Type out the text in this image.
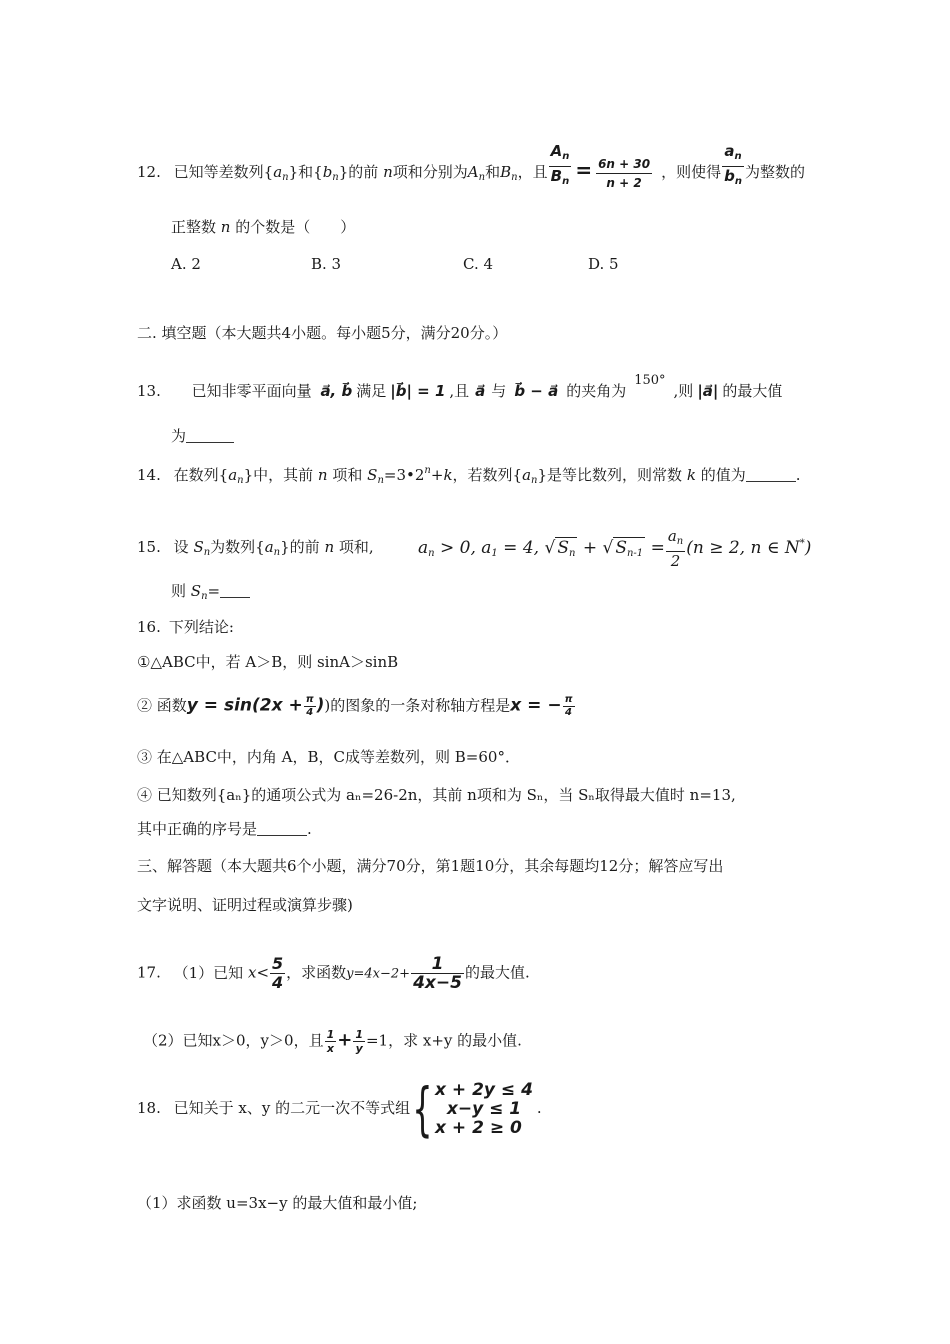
12. 已知等差数列$\{a_n\}$和$\{b_n\}$的前 n项和分别为$A_n$和$B_n$，且 $\frac{A_n}{B_n} = \frac{6n + 30}{n + 2}$ ，则使得 $\frac{a_n}{b_n}$ 为整数的
正整数 n 的个数是（　　）
A. 2	B. 3	C. 4	D. 5
二. 填空题（本大题共4小题。每小题5分，满分20分。）
13. 已知非零平面向量 a⃗, b⃗ 满足 |b⃗| = 1 ,且 a⃗ 与 b⃗ − a⃗ 的夹角为150°,则 |a⃗| 的最大值
为
14. 在数列$\{a_n\}$中，其前 n 项和 $S_n=3•2^n+k$，若数列$\{a_n\}$是等比数列，则常数 k 的值为	.
15. 设 $S_n$为数列$\{a_n\}$的前 n 项和,	$a_n > 0$, $a_1 = 4$, √ $S_n$ + √ $S_{n-1} = \frac{a_n}{2} (n \ge 2$, n ∈ N*)
则 $S_n=$
16. 下列结论:
①△ABC中，若 A＞B，则 sinA＞sinB
② 函数$y = \sin(2x + \frac{\pi}{4}$ ))的图象的一条对称轴方程是x = − $\frac{\pi}{4}$
③ 在△ABC中，内角 A，B，C成等差数列，则 B=60°．
④ 已知数列{aₙ}的通项公式为 aₙ=26-2n，其前 n项和为 Sₙ，当 Sₙ取得最大值时 n=13,
其中正确的序号是	.
三、解答题（本大题共6个小题，满分70分，第1题10分，其余每题均12分；解答应写出
文字说明、证明过程或演算步骤)
17. （1）已知 $x< \frac{5}{4}$ ，求函数$y=4x-2+ \frac{1}{4x-5}$ 的最大值.
（2）已知x＞0，y＞0，且 $\frac{1}{x} + \frac{1}{y} =1$，求 x+y 的最小值.
18. 已知关于 x、y 的二元一次不等式组{ x + 2y ≤ 4
x−y ≤ 1
x + 2 ≥ 0
.
（1）求函数 u=3x−y 的最大值和最小值;
